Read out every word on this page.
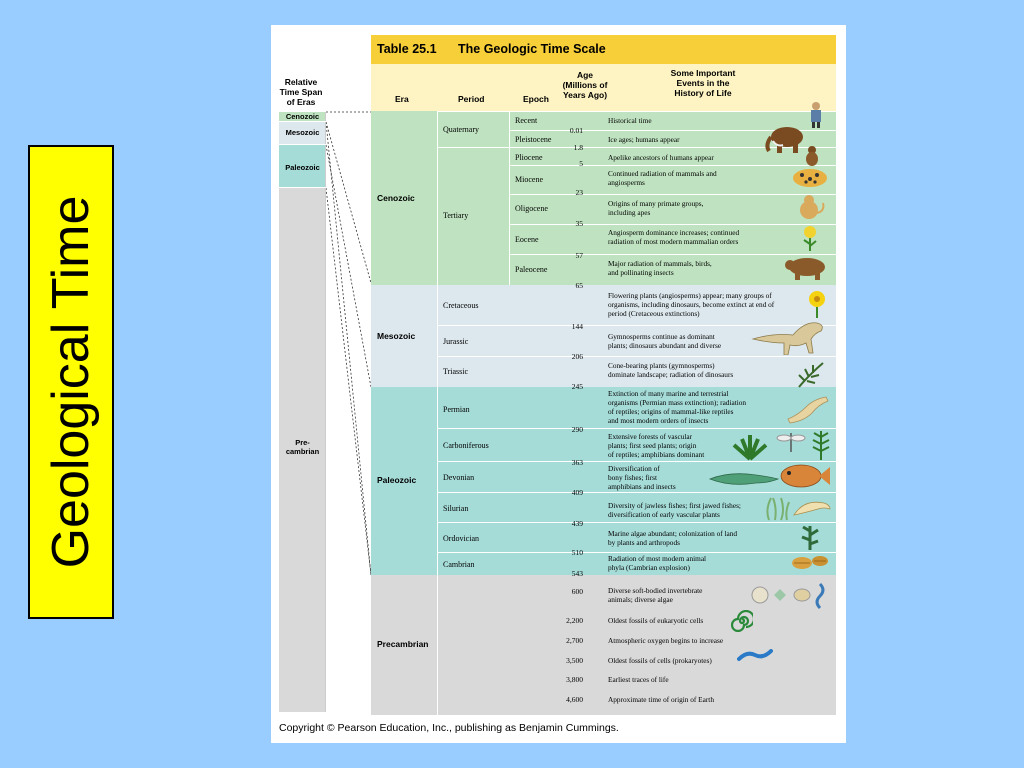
Geological Time
Relative
Time Span
of Eras
Cenozoic
Mesozoic
Paleozoic
Pre-
cambrian
Table 25.1 The Geologic Time Scale
Era	Period	Epoch
Age
(Millions of
Years Ago)
Some Important
Events in the
History of Life
Cenozoic
Mesozoic
Paleozoic
Precambrian
Quaternary
Tertiary
Recent
Pleistocene
Pliocene
Miocene
Oligocene
Eocene
Paleocene
0.01
1.8
5
23
35
57
65
Historical time
Ice ages; humans appear
Apelike ancestors of humans appear
Continued radiation of mammals and
angiosperms
Origins of many primate groups,
including apes
Angiosperm dominance increases; continued
radiation of most modern mammalian orders
Major radiation of mammals, birds,
and pollinating insects
Cretaceous
Jurassic
Triassic
144
206
245
Flowering plants (angiosperms) appear; many groups of
organisms, including dinosaurs, become extinct at end of
period (Cretaceous extinctions)
Gymnosperms continue as dominant
plants; dinosaurs abundant and diverse
Cone-bearing plants (gymnosperms)
dominate landscape; radiation of dinosaurs
Permian
Carboniferous
Devonian
Silurian
Ordovician
Cambrian
290
363
409
439
510
543
Extinction of many marine and terrestrial
organisms (Permian mass extinction); radiation
of reptiles; origins of mammal-like reptiles
and most modern orders of insects
Extensive forests of vascular
plants; first seed plants; origin
of reptiles; amphibians dominant
Diversification of
bony fishes; first
amphibians and insects
Diversity of jawless fishes; first jawed fishes;
diversification of early vascular plants
Marine algae abundant; colonization of land
by plants and arthropods
Radiation of most modern animal
phyla (Cambrian explosion)
600
2,200
2,700
3,500
3,800
4,600
Diverse soft-bodied invertebrate
animals; diverse algae
Oldest fossils of eukaryotic cells
Atmospheric oxygen begins to increase
Oldest fossils of cells (prokaryotes)
Earliest traces of life
Approximate time of origin of Earth
Copyright © Pearson Education, Inc., publishing as Benjamin Cummings.
